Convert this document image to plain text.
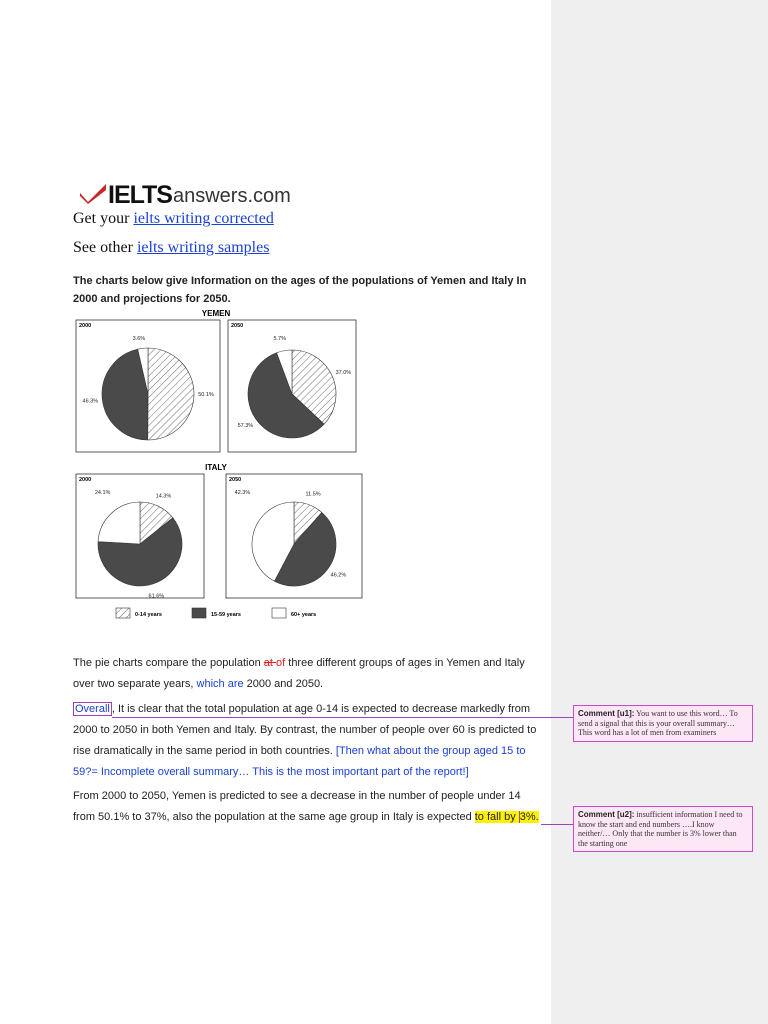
IELTS answers.com
Get your ielts writing corrected
See other ielts writing samples
The charts below give Information on the ages of the populations of Yemen and Italy In 2000 and projections for 2050.
YEMEN
ITALY
2000
50.1%
46.3%
3.6%
2050
37.0%
57.3%
5.7%
2000
14.3%
61.6%
24.1%
2050
11.5%
46.2%
42.3%
0-14 years	15-59 years	60+ years
The pie charts compare the population at of three different groups of ages in Yemen and Italy over two separate years, which are 2000 and 2050.
Overall , It is clear that the total population at age 0-14 is expected to decrease markedly from 2000 to 2050 in both Yemen and Italy. By contrast, the number of people over 60 is predicted to rise dramatically in the same period in both countries. [Then what about the group aged 15 to 59?= Incomplete overall summary… This is the most important part of the report!]
From 2000 to 2050, Yemen is predicted to see a decrease in the number of people under 14 from 50.1% to 37%, also the population at the same age group in Italy is expected to fall by 3%.
Comment [u1]: You want to use this word… To send a signal that this is your overall summary… This word has a lot of men from examiners
Comment [u2]: insufficient information I need to know the start and end numbers ….I know neither/… Only that the number is 3% lower than the starting one
